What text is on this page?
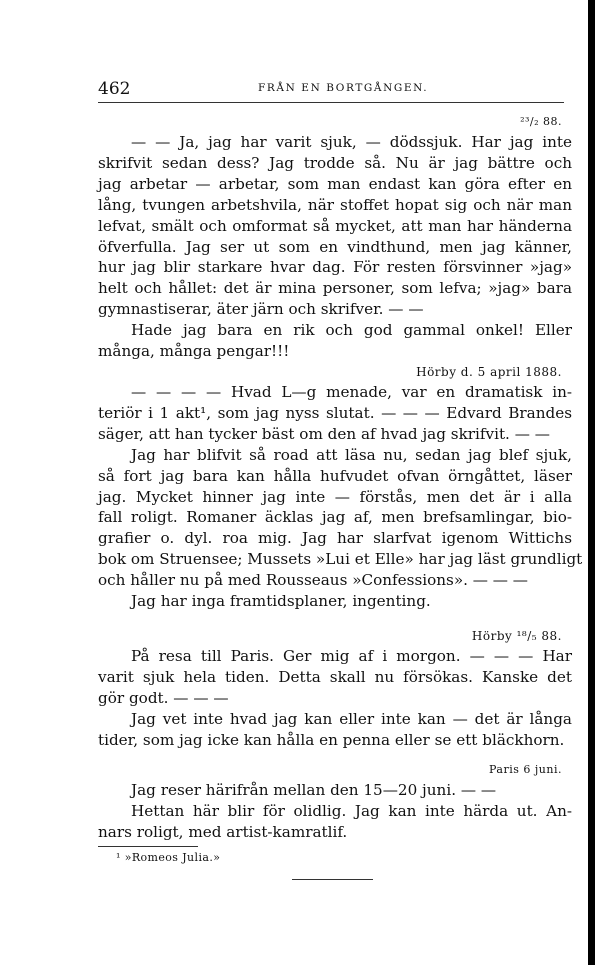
462	FRÅN EN BORTGÅNGEN.
²³/₂ 88.
— — Ja, jag har varit sjuk, — dödssjuk. Har jag inte
skrifvit sedan dess? Jag trodde så. Nu är jag bättre och
jag arbetar — arbetar, som man endast kan göra efter en
lång, tvungen arbetshvila, när stoffet hopat sig och när man
lefvat, smält och omformat så mycket, att man har händerna
öfverfulla. Jag ser ut som en vindthund, men jag känner,
hur jag blir starkare hvar dag. För resten försvinner »jag»
helt och hållet: det är mina personer, som lefva; »jag» bara
gymnastiserar, äter järn och skrifver. — —
Hade jag bara en rik och god gammal onkel! Eller
många, många pengar!!!
Hörby d. 5 april 1888.
— — — — Hvad L—g menade, var en dramatisk in-
teriör i 1 akt¹, som jag nyss slutat. — — — Edvard Brandes
säger, att han tycker bäst om den af hvad jag skrifvit. — —
Jag har blifvit så road att läsa nu, sedan jag blef sjuk,
så fort jag bara kan hålla hufvudet ofvan örngåttet, läser
jag. Mycket hinner jag inte — förstås, men det är i alla
fall roligt. Romaner äcklas jag af, men brefsamlingar, bio-
grafier o. dyl. roa mig. Jag har slarfvat igenom Wittichs
bok om Struensee; Mussets »Lui et Elle» har jag läst grundligt
och håller nu på med Rousseaus »Confessions». — — —
Jag har inga framtidsplaner, ingenting.
Hörby ¹⁸/₅ 88.
På resa till Paris. Ger mig af i morgon. — — — Har
varit sjuk hela tiden. Detta skall nu försökas. Kanske det
gör godt. — — —
Jag vet inte hvad jag kan eller inte kan — det är långa
tider, som jag icke kan hålla en penna eller se ett bläckhorn.
Paris 6 juni.
Jag reser härifrån mellan den 15—20 juni. — —
Hettan här blir för olidlig. Jag kan inte härda ut. An-
nars roligt, med artist-kamratlif.
¹ »Romeos Julia.»
